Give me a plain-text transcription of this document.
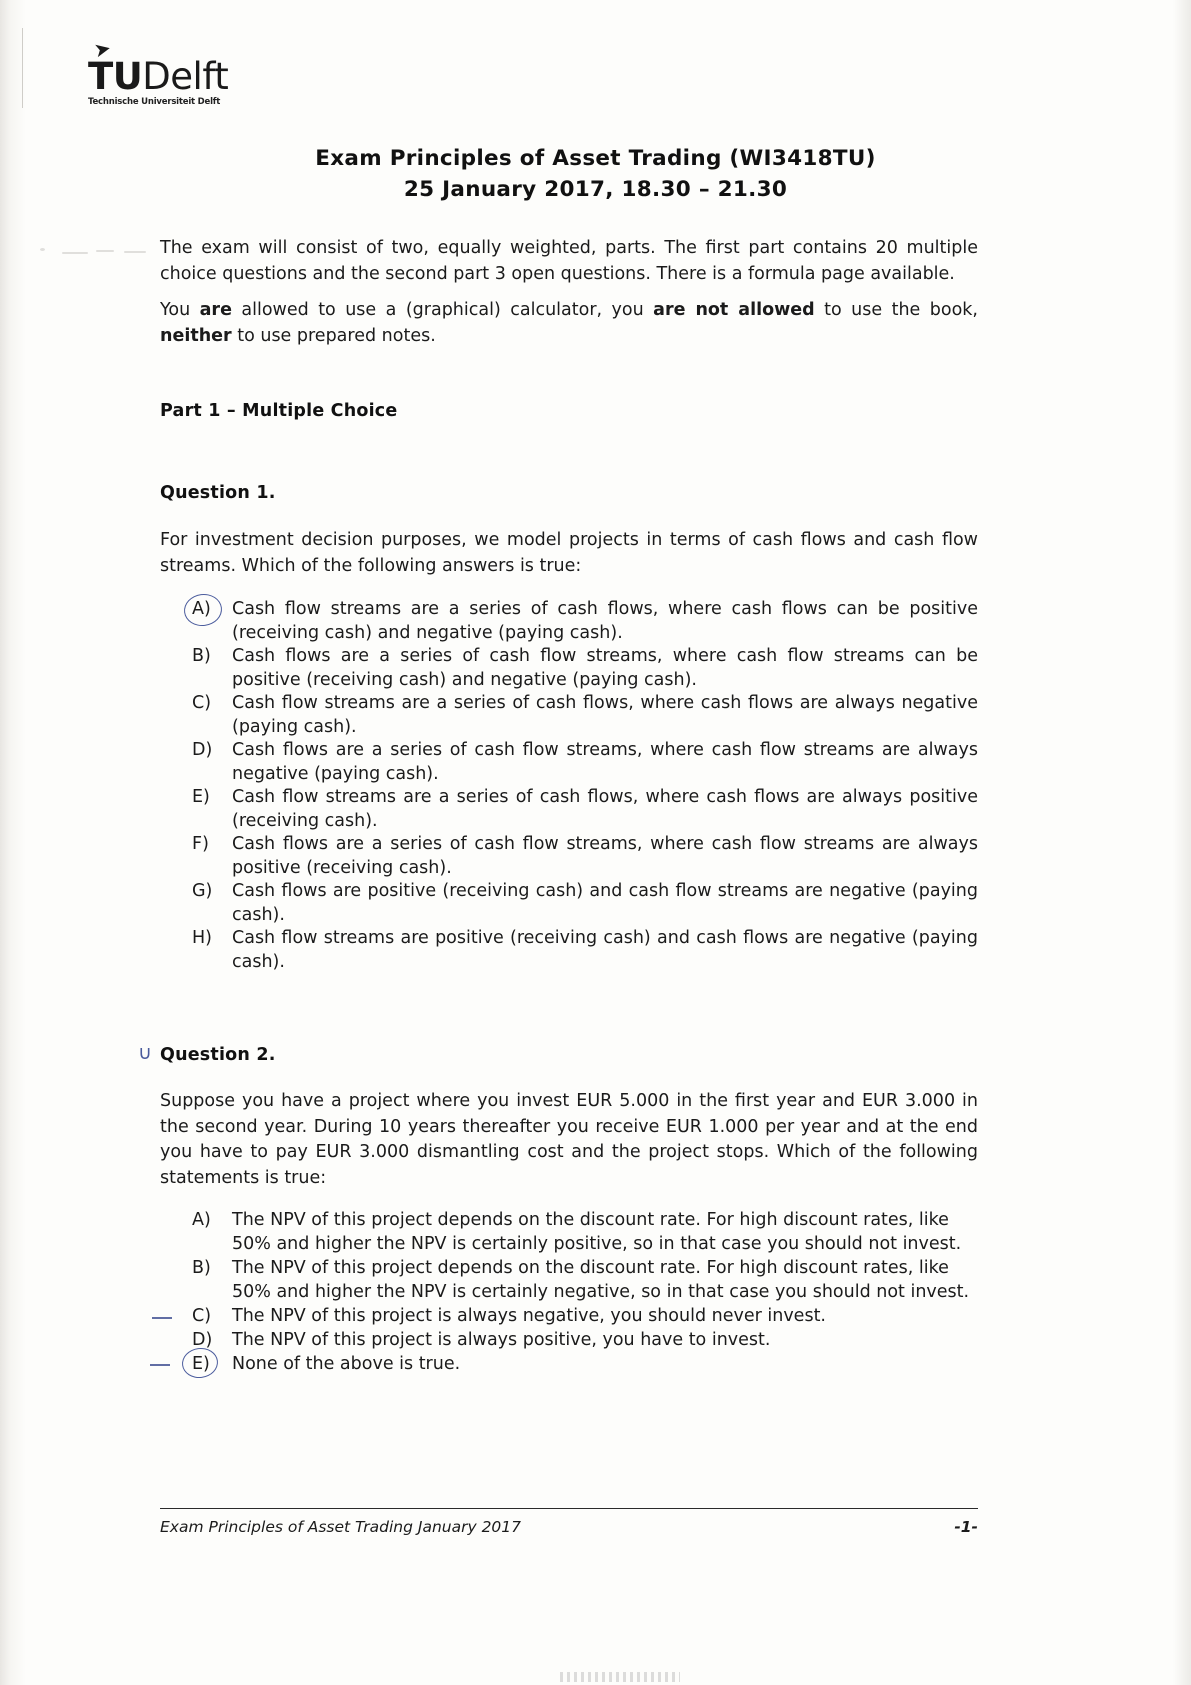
➤
TUDelft
Technische Universiteit Delft
Exam Principles of Asset Trading (WI3418TU)
25 January 2017, 18.30 – 21.30
The exam will consist of two, equally weighted, parts. The first part contains 20 multiple choice questions and the second part 3 open questions. There is a formula page available.
You are allowed to use a (graphical) calculator, you are not allowed to use the book, neither to use prepared notes.
Part 1 – Multiple Choice
Question 1.
For investment decision purposes, we model projects in terms of cash flows and cash flow streams. Which of the following answers is true:
A)	Cash flow streams are a series of cash flows, where cash flows can be positive (receiving cash) and negative (paying cash).
B)	Cash flows are a series of cash flow streams, where cash flow streams can be positive (receiving cash) and negative (paying cash).
C)	Cash flow streams are a series of cash flows, where cash flows are always negative (paying cash).
D)	Cash flows are a series of cash flow streams, where cash flow streams are always negative (paying cash).
E)	Cash flow streams are a series of cash flows, where cash flows are always positive (receiving cash).
F)	Cash flows are a series of cash flow streams, where cash flow streams are always positive (receiving cash).
G)	Cash flows are positive (receiving cash) and cash flow streams are negative (paying cash).
H)	Cash flow streams are positive (receiving cash) and cash flows are negative (paying cash).
∪ Question 2.
Suppose you have a project where you invest EUR 5.000 in the first year and EUR 3.000 in the second year. During 10 years thereafter you receive EUR 1.000 per year and at the end you have to pay EUR 3.000 dismantling cost and the project stops. Which of the following statements is true:
A)	The NPV of this project depends on the discount rate. For high discount rates, like 50% and higher the NPV is certainly positive, so in that case you should not invest.
B)	The NPV of this project depends on the discount rate. For high discount rates, like 50% and higher the NPV is certainly negative, so in that case you should not invest.
C)	The NPV of this project is always negative, you should never invest.
D)	The NPV of this project is always positive, you have to invest.
E)	None of the above is true.
Exam Principles of Asset Trading January 2017	-1-
